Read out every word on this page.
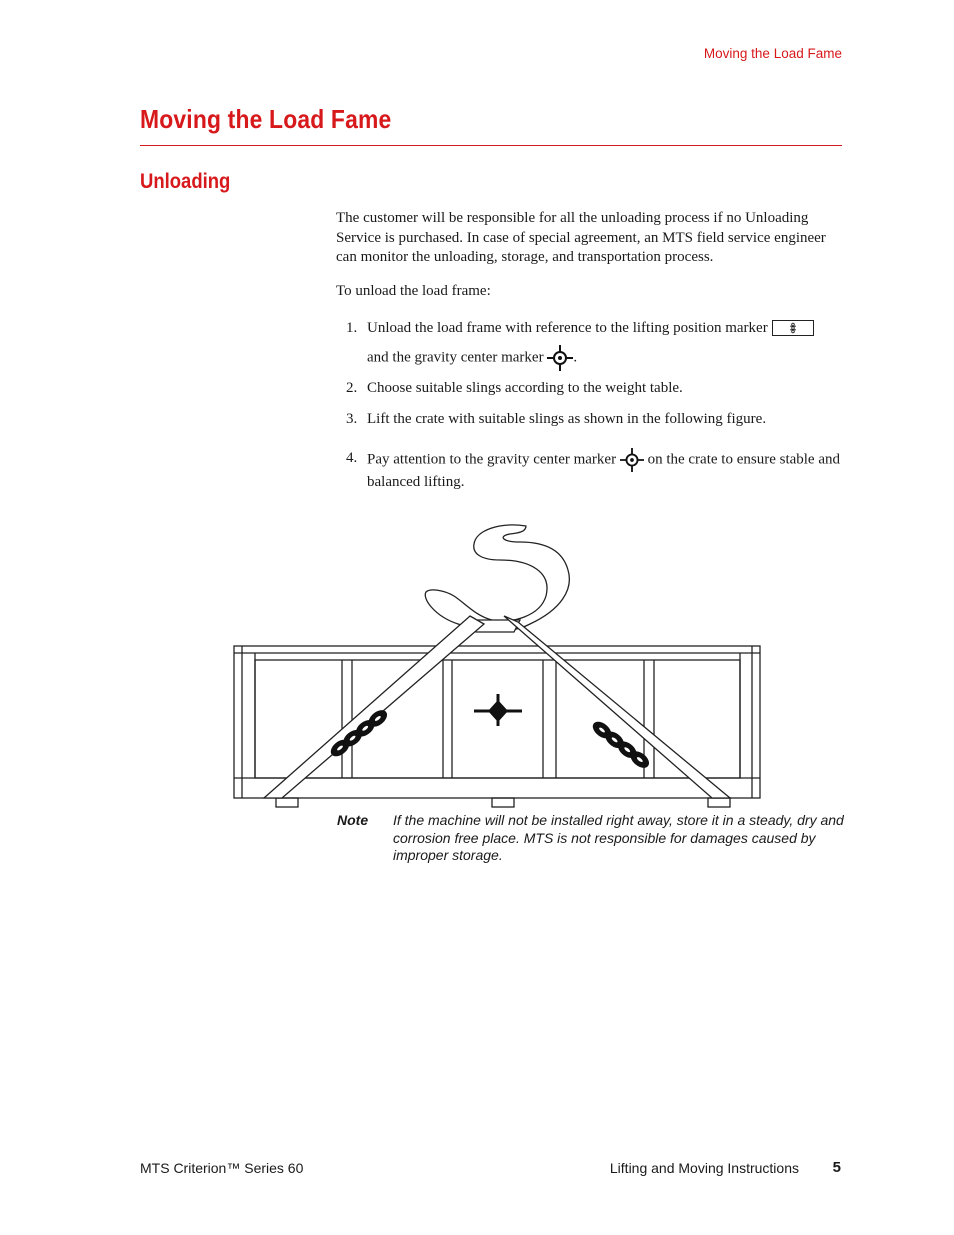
Moving the Load Fame
Moving the Load Fame
Unloading

The customer will be responsible for all the unloading process if no Unloading Service is purchased. In case of special agreement, an MTS field service engineer can monitor the unloading, storage, and transportation process.

To unload the load frame:

1. Unload the load frame with reference to the lifting position marker
and the gravity center marker .
2. Choose suitable slings according to the weight table.
3. Lift the crate with suitable slings as shown in the following figure.
4. Pay attention to the gravity center marker on the crate to ensure stable and balanced lifting.
Note If the machine will not be installed right away, store it in a steady, dry and corrosion free place. MTS is not responsible for damages caused by improper storage.
MTS Criterion™ Series 60	Lifting and Moving Instructions 5
